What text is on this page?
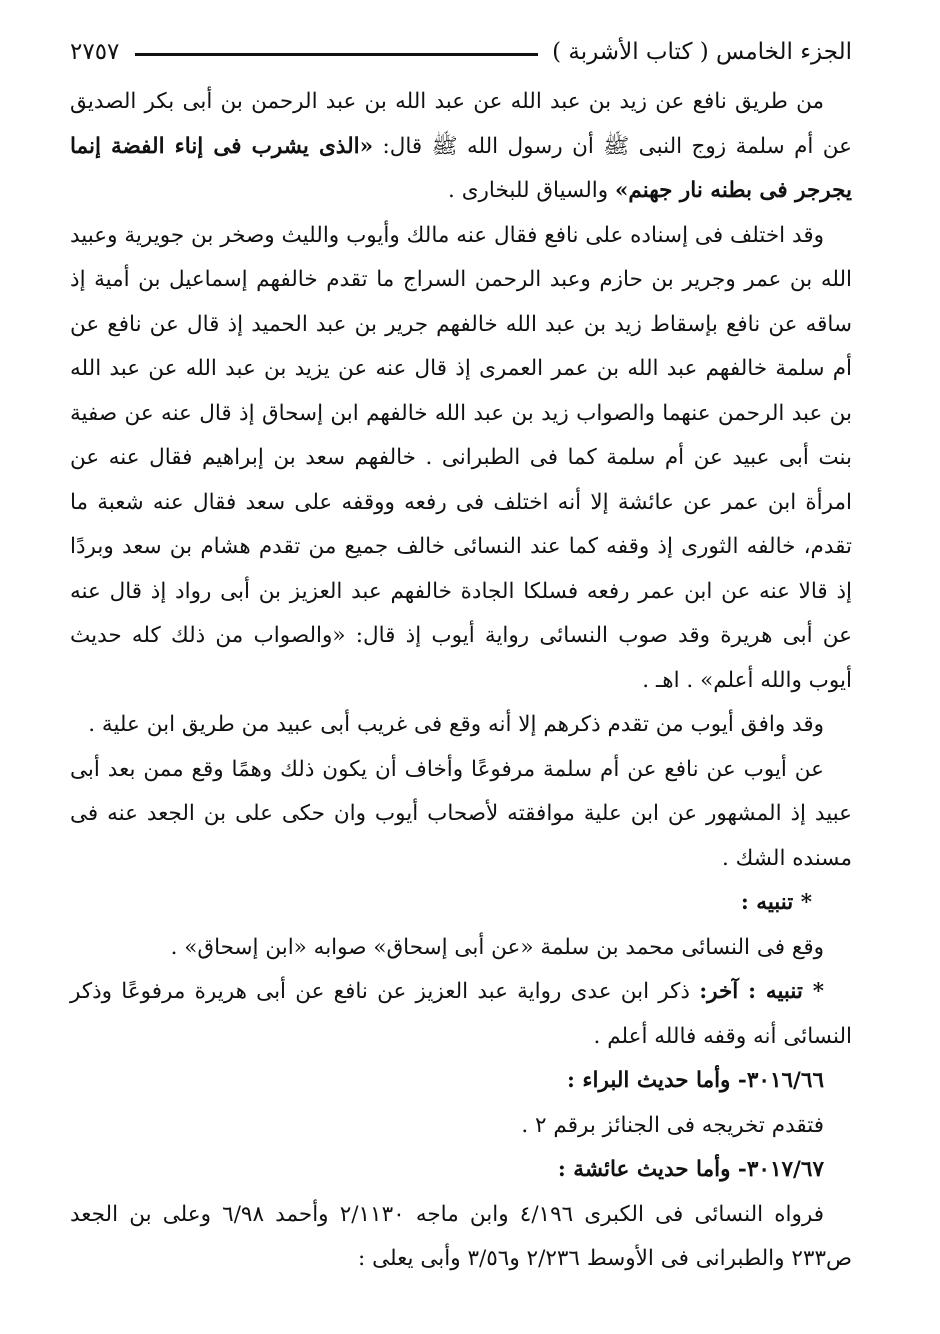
الجزء الخامس ( كتاب الأشربة )
٢٧٥٧

من طريق نافع عن زيد بن عبد الله عن عبد الله بن عبد الرحمن بن أبى بكر الصديق عن أم سلمة زوج النبى ﷺ أن رسول الله ﷺ قال: «الذى يشرب فى إناء الفضة إنما يجرجر فى بطنه نار جهنم» والسياق للبخارى .

وقد اختلف فى إسناده على نافع فقال عنه مالك وأيوب والليث وصخر بن جويرية وعبيد الله بن عمر وجرير بن حازم وعبد الرحمن السراج ما تقدم خالفهم إسماعيل بن أمية إذ ساقه عن نافع بإسقاط زيد بن عبد الله خالفهم جرير بن عبد الحميد إذ قال عن نافع عن أم سلمة خالفهم عبد الله بن عمر العمرى إذ قال عنه عن يزيد بن عبد الله عن عبد الله بن عبد الرحمن عنهما والصواب زيد بن عبد الله خالفهم ابن إسحاق إذ قال عنه عن صفية بنت أبى عبيد عن أم سلمة كما فى الطبرانى . خالفهم سعد بن إبراهيم فقال عنه عن امرأة ابن عمر عن عائشة إلا أنه اختلف فى رفعه ووقفه على سعد فقال عنه شعبة ما تقدم، خالفه الثورى إذ وقفه كما عند النسائى خالف جميع من تقدم هشام بن سعد وبردًا إذ قالا عنه عن ابن عمر رفعه فسلكا الجادة خالفهم عبد العزيز بن أبى رواد إذ قال عنه عن أبى هريرة وقد صوب النسائى رواية أيوب إذ قال: «والصواب من ذلك كله حديث أيوب والله أعلم» . اهـ .

وقد وافق أيوب من تقدم ذكرهم إلا أنه وقع فى غريب أبى عبيد من طريق ابن علية .

عن أيوب عن نافع عن أم سلمة مرفوعًا وأخاف أن يكون ذلك وهمًا وقع ممن بعد أبى عبيد إذ المشهور عن ابن علية موافقته لأصحاب أيوب وان حكى على بن الجعد عنه فى مسنده الشك .

* تنبيه :

وقع فى النسائى محمد بن سلمة «عن أبى إسحاق» صوابه «ابن إسحاق» .

* تنبيه : آخر: ذكر ابن عدى رواية عبد العزيز عن نافع عن أبى هريرة مرفوعًا وذكر النسائى أنه وقفه فالله أعلم .

٣٠١٦/٦٦- وأما حديث البراء :

فتقدم تخريجه فى الجنائز برقم ٢ .

٣٠١٧/٦٧- وأما حديث عائشة :

فرواه النسائى فى الكبرى ٤/١٩٦ وابن ماجه ٢/١١٣٠ وأحمد ٦/٩٨ وعلى بن الجعد ص٢٣٣ والطبرانى فى الأوسط ٢/٢٣٦ و٣/٥٦ وأبى يعلى :
